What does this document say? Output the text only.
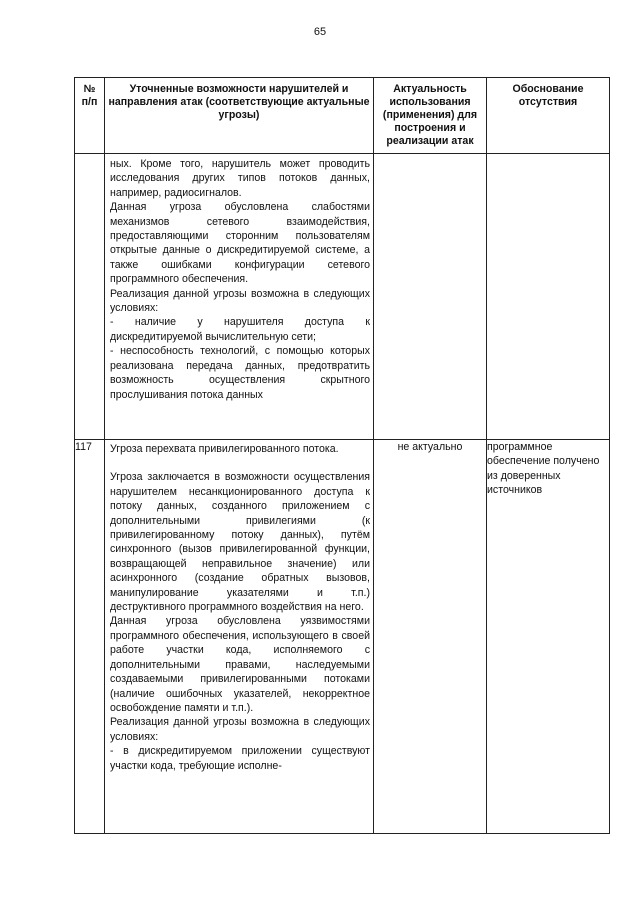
65
№ п/п	Уточненные возможности нарушителей и направления атак (соответствующие актуальные угрозы)	Актуальность использования (применения) для построения и реализации атак	Обоснование отсутствия

	ных. Кроме того, нарушитель может проводить исследования других типов потоков данных, например, радиосигналов.

Данная угроза обусловлена слабостями механизмов сетевого взаимодействия, предоставляющими сторонним пользователям открытые данные о дискредитируемой системе, а также ошибками конфигурации сетевого программного обеспечения.

Реализация данной угрозы возможна в следующих условиях:

- наличие у нарушителя доступа к дискредитируемой вычислительную сети;

- неспособность технологий, с помощью которых реализована передача данных, предотвратить возможность осуществления скрытного прослушивания потока данных		

117	Угроза перехвата привилегированного потока.

Угроза заключается в возможности осуществления нарушителем несанкционированного доступа к потоку данных, созданного приложением с дополнительными привилегиями (к привилегированному потоку данных), путём синхронного (вызов привилегированной функции, возвращающей неправильное значение) или асинхронного (создание обратных вызовов, манипулирование указателями и т.п.) деструктивного программного воздействия на него.

Данная угроза обусловлена уязвимостями программного обеспечения, использующего в своей работе участки кода, исполняемого с дополнительными правами, наследуемыми создаваемыми привилегированными потоками (наличие ошибочных указателей, некорректное освобождение памяти и т.п.).

Реализация данной угрозы возможна в следующих условиях:

- в дискредитируемом приложении существуют участки кода, требующие исполне-	не актуально	программное обеспечение получено из доверенных источников
